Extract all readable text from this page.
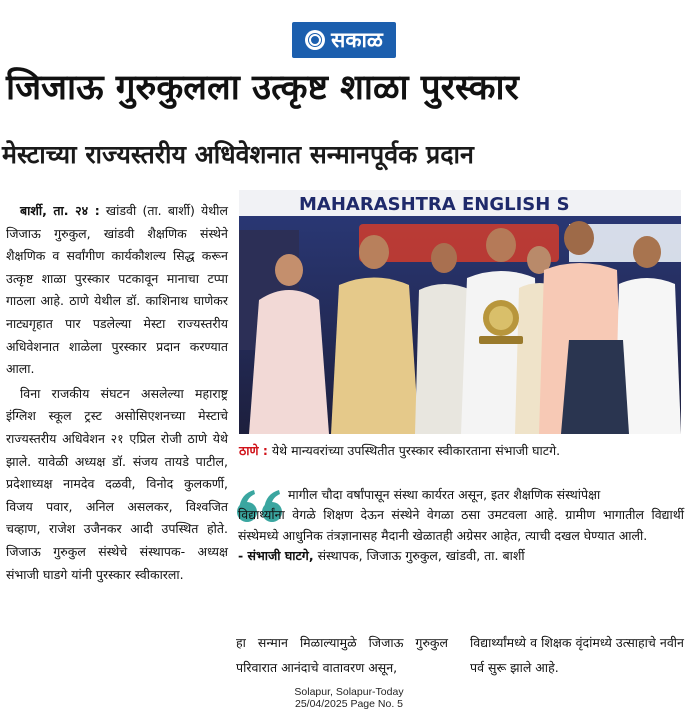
सकाळ
जिजाऊ गुरुकुलला उत्कृष्ट शाळा पुरस्कार
मेस्टाच्या राज्यस्तरीय अधिवेशनात सन्मानपूर्वक प्रदान

बार्शी, ता. २४ : खांडवी (ता. बार्शी) येथील जिजाऊ गुरुकुल, खांडवी शैक्षणिक संस्थेने शैक्षणिक व सर्वांगीण कार्यकौशल्य सिद्ध करून उत्कृष्ट शाळा पुरस्कार पटकावून मानाचा टप्पा गाठला आहे. ठाणे येथील डॉ. काशिनाथ घाणेकर नाट्यगृहात पार पडलेल्या मेस्टा राज्यस्तरीय अधिवेशनात शाळेला पुरस्कार प्रदान करण्यात आला.

विना राजकीय संघटन असलेल्या महाराष्ट्र इंग्लिश स्कूल ट्रस्ट असोसिएशनच्या मेस्टाचे राज्यस्तरीय अधिवेशन २१ एप्रिल रोजी ठाणे येथे झाले. यावेळी अध्यक्ष डॉ. संजय तायडे पाटील, प्रदेशाध्यक्ष नामदेव दळवी, विनोद कुलकर्णी, विजय पवार, अनिल असलकर, विश्वजित चव्हाण, राजेश उजैनकर आदी उपस्थित होते. जिजाऊ गुरुकुल संस्थेचे संस्थापक- अध्यक्ष संभाजी घाडगे यांनी पुरस्कार स्वीकारला.

MAHARASHTRA ENGLISH S
ठाणे : येथे मान्यवरांच्या उपस्थितीत पुरस्कार स्वीकारताना संभाजी घाटगे.
मागील चौदा वर्षांपासून संस्था कार्यरत असून, इतर शैक्षणिक संस्थांपेक्षा
विद्यार्थ्यांना वेगळे शिक्षण देऊन संस्थेने वेगळा ठसा उमटवला आहे. ग्रामीण भागातील विद्यार्थी संस्थेमध्ये आधुनिक तंत्रज्ञानासह मैदानी खेळातही अग्रेसर आहेत, त्याची दखल घेण्यात आली.
- संभाजी घाटगे, संस्थापक, जिजाऊ गुरुकुल, खांडवी, ता. बार्शी
हा सन्मान मिळाल्यामुळे जिजाऊ गुरुकुल परिवारात आनंदाचे वातावरण असून,
विद्यार्थ्यांमध्ये व शिक्षक वृंदांमध्ये उत्साहाचे नवीन पर्व सुरू झाले आहे.
Solapur, Solapur-Today
25/04/2025 Page No. 5
